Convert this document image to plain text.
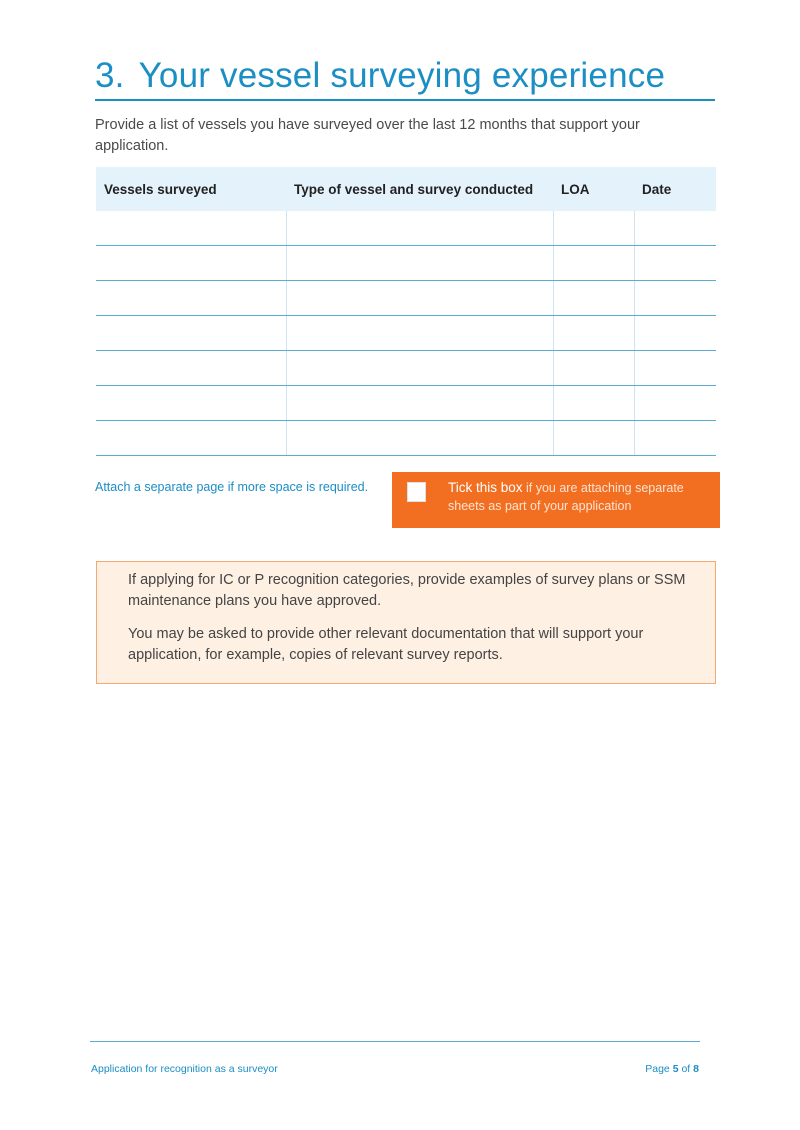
3. Your vessel surveying experience

Provide a list of vessels you have surveyed over the last 12 months that support your application.

Vessels surveyed	Type of vessel and survey conducted	LOA	Date

Attach a separate page if more space is required.	Tick this box if you are attaching separate sheets as part of your application

If applying for IC or P recognition categories, provide examples of survey plans or SSM maintenance plans you have approved.

You may be asked to provide other relevant documentation that will support your application, for example, copies of relevant survey reports.

Application for recognition as a surveyor	Page 5 of 8
